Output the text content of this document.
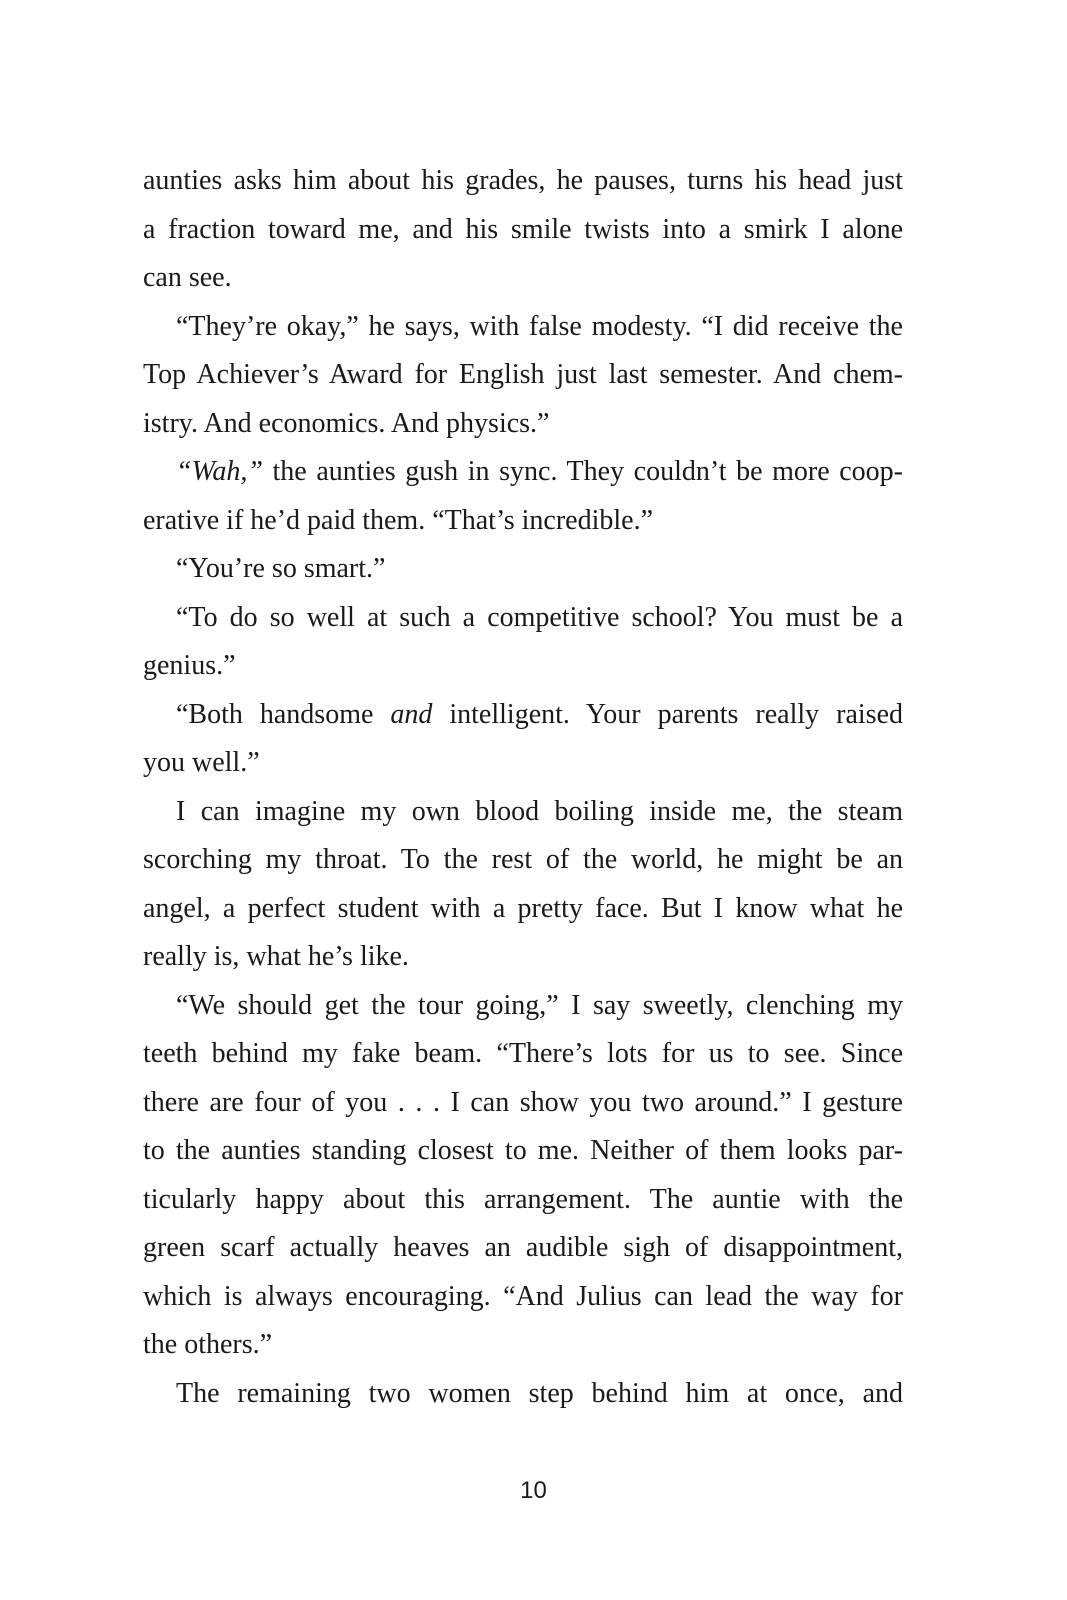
aunties asks him about his grades, he pauses, turns his head just
a fraction toward me, and his smile twists into a smirk I alone
can see.
“They’re okay,” he says, with false modesty. “I did receive the
Top Achiever’s Award for English just last semester. And chem-
istry. And economics. And physics.”
“Wah,” the aunties gush in sync. They couldn’t be more coop-
erative if he’d paid them. “That’s incredible.”
“You’re so smart.”
“To do so well at such a competitive school? You must be a
genius.”
“Both handsome and intelligent. Your parents really raised
you well.”
I can imagine my own blood boiling inside me, the steam
scorching my throat. To the rest of the world, he might be an
angel, a perfect student with a pretty face. But I know what he
really is, what he’s like.
“We should get the tour going,” I say sweetly, clenching my
teeth behind my fake beam. “There’s lots for us to see. Since
there are four of you . . . I can show you two around.” I gesture
to the aunties standing closest to me. Neither of them looks par-
ticularly happy about this arrangement. The auntie with the
green scarf actually heaves an audible sigh of disappointment,
which is always encouraging. “And Julius can lead the way for
the others.”
The remaining two women step behind him at once, and
10
